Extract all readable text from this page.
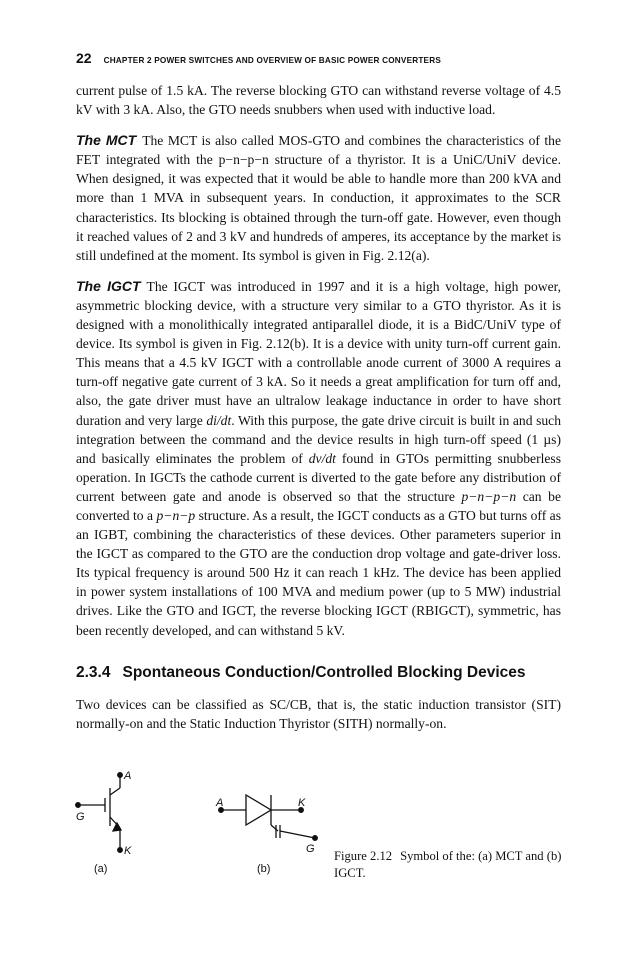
22 CHAPTER 2 POWER SWITCHES AND OVERVIEW OF BASIC POWER CONVERTERS

current pulse of 1.5 kA. The reverse blocking GTO can withstand reverse voltage of 4.5 kV with 3 kA. Also, the GTO needs snubbers when used with inductive load.

The MCT The MCT is also called MOS-GTO and combines the characteristics of the FET integrated with the p−n−p−n structure of a thyristor. It is a UniC/UniV device. When designed, it was expected that it would be able to handle more than 200 kVA and more than 1 MVA in subsequent years. In conduction, it approximates to the SCR characteristics. Its blocking is obtained through the turn-off gate. However, even though it reached values of 2 and 3 kV and hundreds of amperes, its acceptance by the market is still undefined at the moment. Its symbol is given in Fig. 2.12(a).

The IGCT The IGCT was introduced in 1997 and it is a high voltage, high power, asymmetric blocking device, with a structure very similar to a GTO thyristor. As it is designed with a monolithically integrated antiparallel diode, it is a BidC/UniV type of device. Its symbol is given in Fig. 2.12(b). It is a device with unity turn-off current gain. This means that a 4.5 kV IGCT with a controllable anode current of 3000 A requires a turn-off negative gate current of 3 kA. So it needs a great amplification for turn off and, also, the gate driver must have an ultralow leakage inductance in order to have short duration and very large di/dt. With this purpose, the gate drive circuit is built in and such integration between the command and the device results in high turn-off speed (1 µs) and basically eliminates the problem of dv/dt found in GTOs permitting snubberless operation. In IGCTs the cathode current is diverted to the gate before any distribution of current between gate and anode is observed so that the structure p−n−p−n can be converted to a p−n−p structure. As a result, the IGCT conducts as a GTO but turns off as an IGBT, combining the characteristics of these devices. Other parameters superior in the IGCT as compared to the GTO are the conduction drop voltage and gate-driver loss. Its typical frequency is around 500 Hz it can reach 1 kHz. The device has been applied in power system installations of 100 MVA and medium power (up to 5 MW) industrial drives. Like the GTO and IGCT, the reverse blocking IGCT (RBIGCT), symmetric, has been recently developed, and can withstand 5 kV.

2.3.4 Spontaneous Conduction/Controlled Blocking Devices

Two devices can be classified as SC/CB, that is, the static induction transistor (SIT) normally-on and the Static Induction Thyristor (SITH) normally-on.

A
G
K
(a)
A	K
G
(b)
Figure 2.12 Symbol of the: (a) MCT and (b) IGCT.
